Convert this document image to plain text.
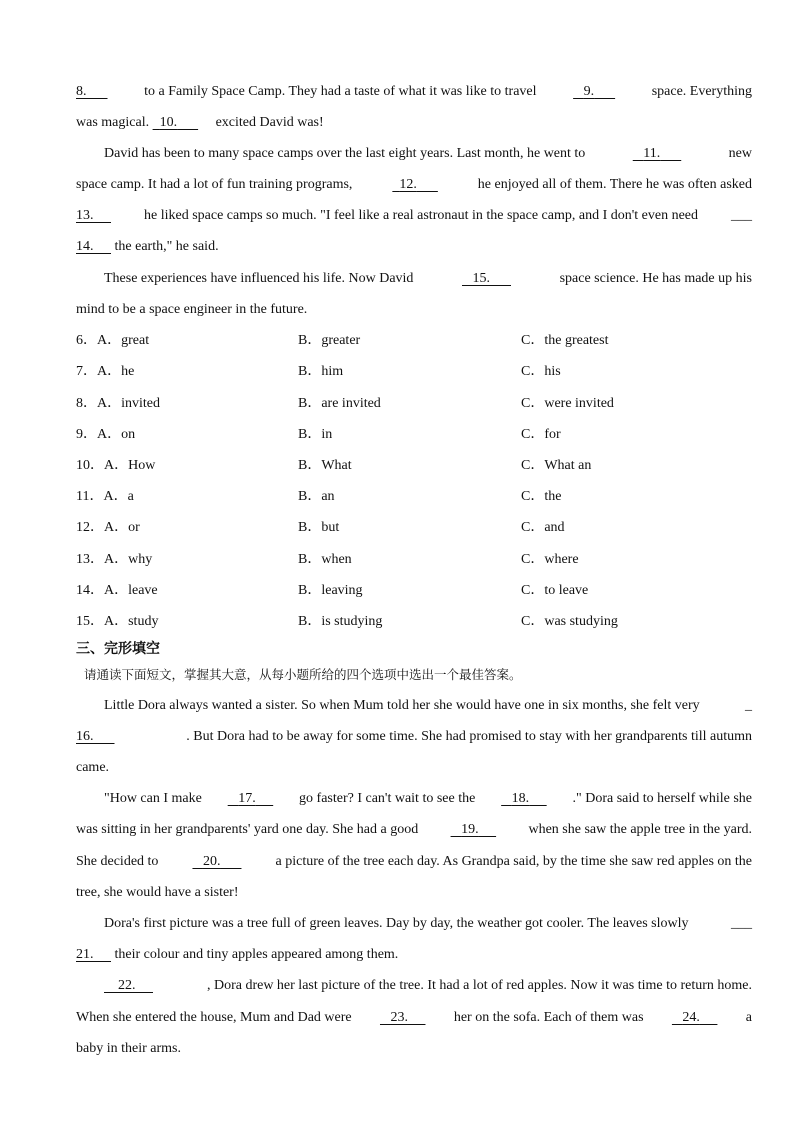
8.	to a Family Space Camp. They had a taste of what it was like to travel	9.	space. Everything
was magical.   10.	excited David was!
David has been to many space camps over the last eight years. Last month, he went to	11.	new
space camp. It had a lot of fun training programs,	12.	he enjoyed all of them. There he was often asked
13.	he liked space camps so much. "I feel like a real astronaut in the space camp, and I don't even need ___
14.      the earth," he said.
These experiences have influenced his life. Now David	15.	space science. He has made up his
mind to be a space engineer in the future.
6．A．great	B．greater	C．the greatest
7．A．he	B．him	C．his
8．A．invited	B．are invited	C．were invited
9．A．on	B．in	C．for
10．A．How	B．What	C．What an
11．A．a	B．an	C．the
12．A．or	B．but	C．and
13．A．why	B．when	C．where
14．A．leave	B．leaving	C．to leave
15．A．study	B．is studying	C．was studying
三、完形填空
请通读下面短文，掌握其大意，从每小题所给的四个选项中选出一个最佳答案。
Little Dora always wanted a sister. So when Mum told her she would have one in six months, she felt very	_
16.	. But Dora had to be away for some time. She had promised to stay with her grandparents till autumn
came.
"How can I make	17.	go faster? I can't wait to see the	18.	." Dora said to herself while she
was sitting in her grandparents' yard one day. She had a good	19.	when she saw the apple tree in the yard.
She decided to	20.	a picture of the tree each day. As Grandpa said, by the time she saw red apples on the
tree, she would have a sister!
Dora's first picture was a tree full of green leaves. Day by day, the weather got cooler. The leaves slowly	___
21.      their colour and tiny apples appeared among them.
22.	, Dora drew her last picture of the tree. It had a lot of red apples. Now it was time to return home.
When she entered the house, Mum and Dad were	23.	her on the sofa. Each of them was	24.	a
baby in their arms.
